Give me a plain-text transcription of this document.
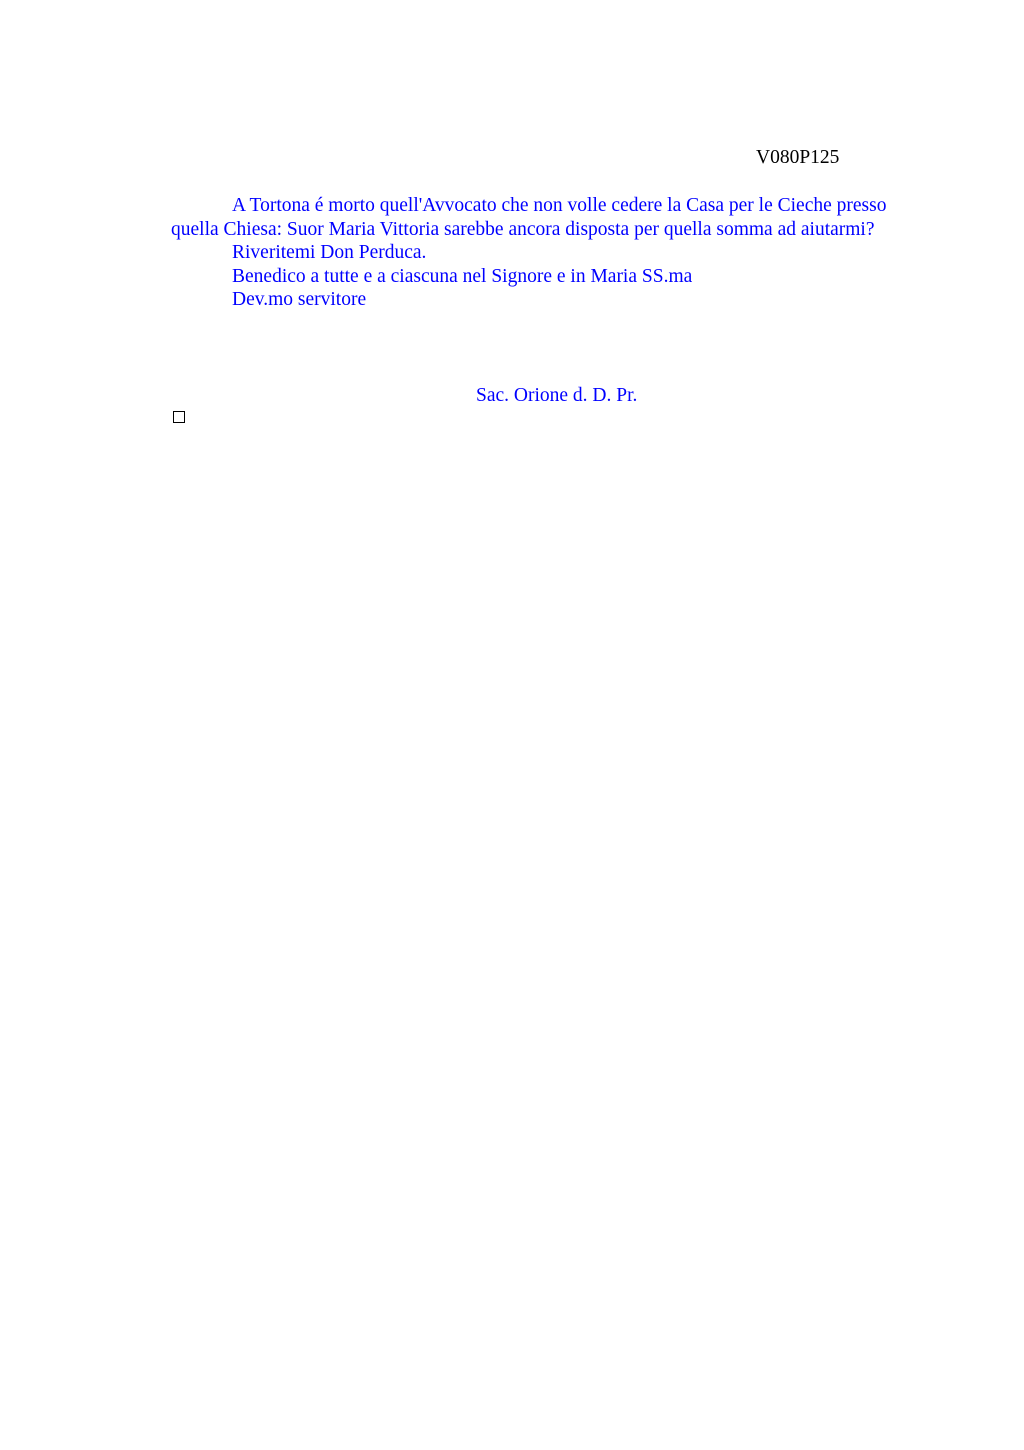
V080P125

A Tortona é morto quell'Avvocato che non volle cedere la Casa per le Cieche presso quella Chiesa: Suor Maria Vittoria sarebbe ancora disposta per quella somma ad aiutarmi?

Riveritemi Don Perduca.

Benedico a tutte e a ciascuna nel Signore e in Maria SS.ma

Dev.mo servitore

Sac. Orione d. D. Pr.
